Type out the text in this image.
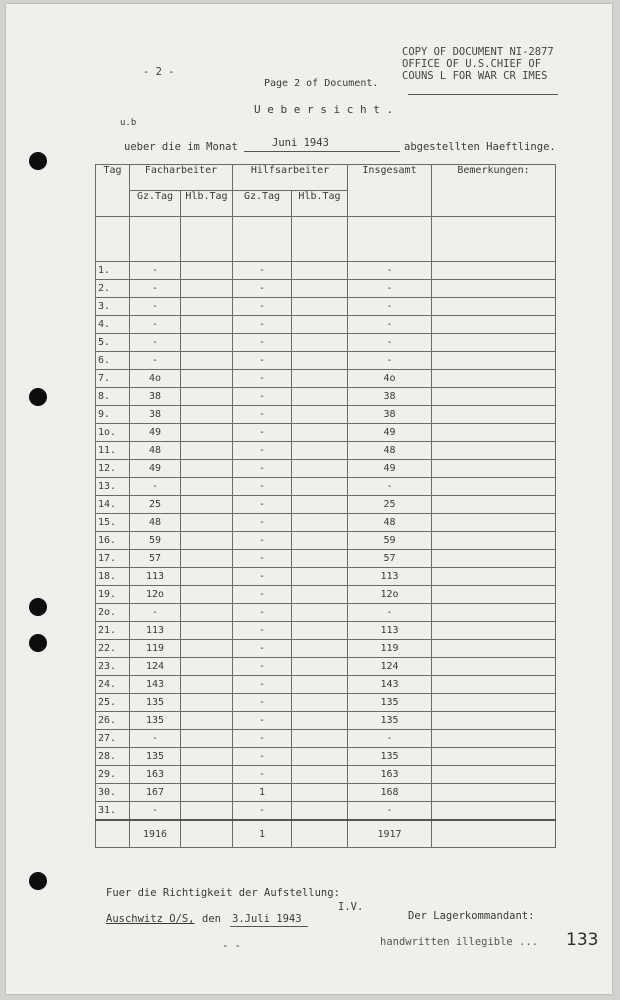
- 2 -
Page 2 of Document.
COPY OF DOCUMENT NI-2877
OFFICE OF U.S.CHIEF OF
COUNS L FOR WAR CR IMES
U e b e r s i c h t .
u.b
ueber die im Monat	Juni 1943	abgestellten Haeftlinge.
Tag	Facharbeiter		Hilfsarbeiter		Insgesamt	Bemerkungen:
	Gz.Tag	Hlb.Tag	Gz.Tag	Hlb.Tag		

1.	-		-		-	
2.	-		-		-	
3.	-		-		-	
4.	-		-		-	
5.	-		-		-	
6.	-		-		-	
7.	4o		-		4o	
8.	38		-		38	
9.	38		-		38	
1o.	49		-		49	
11.	48		-		48	
12.	49		-		49	
13.	-		-		-	
14.	25		-		25	
15.	48		-		48	
16.	59		-		59	
17.	57		-		57	
18.	113		-		113	
19.	12o		-		12o	
2o.	-		-		-	
21.	113		-		113	
22.	119		-		119	
23.	124		-		124	
24.	143		-		143	
25.	135		-		135	
26.	135		-		135	
27.	-		-		-	
28.	135		-		135	
29.	163		-		163	
30.	167		1		168	
31.	-		-		-	
	1916		1		1917	
Fuer die Richtigkeit der Aufstellung:
I.V.
Auschwitz O/S, den 3.Juli 1943	Der Lagerkommandant:
- -	handwritten illegible ... 133
